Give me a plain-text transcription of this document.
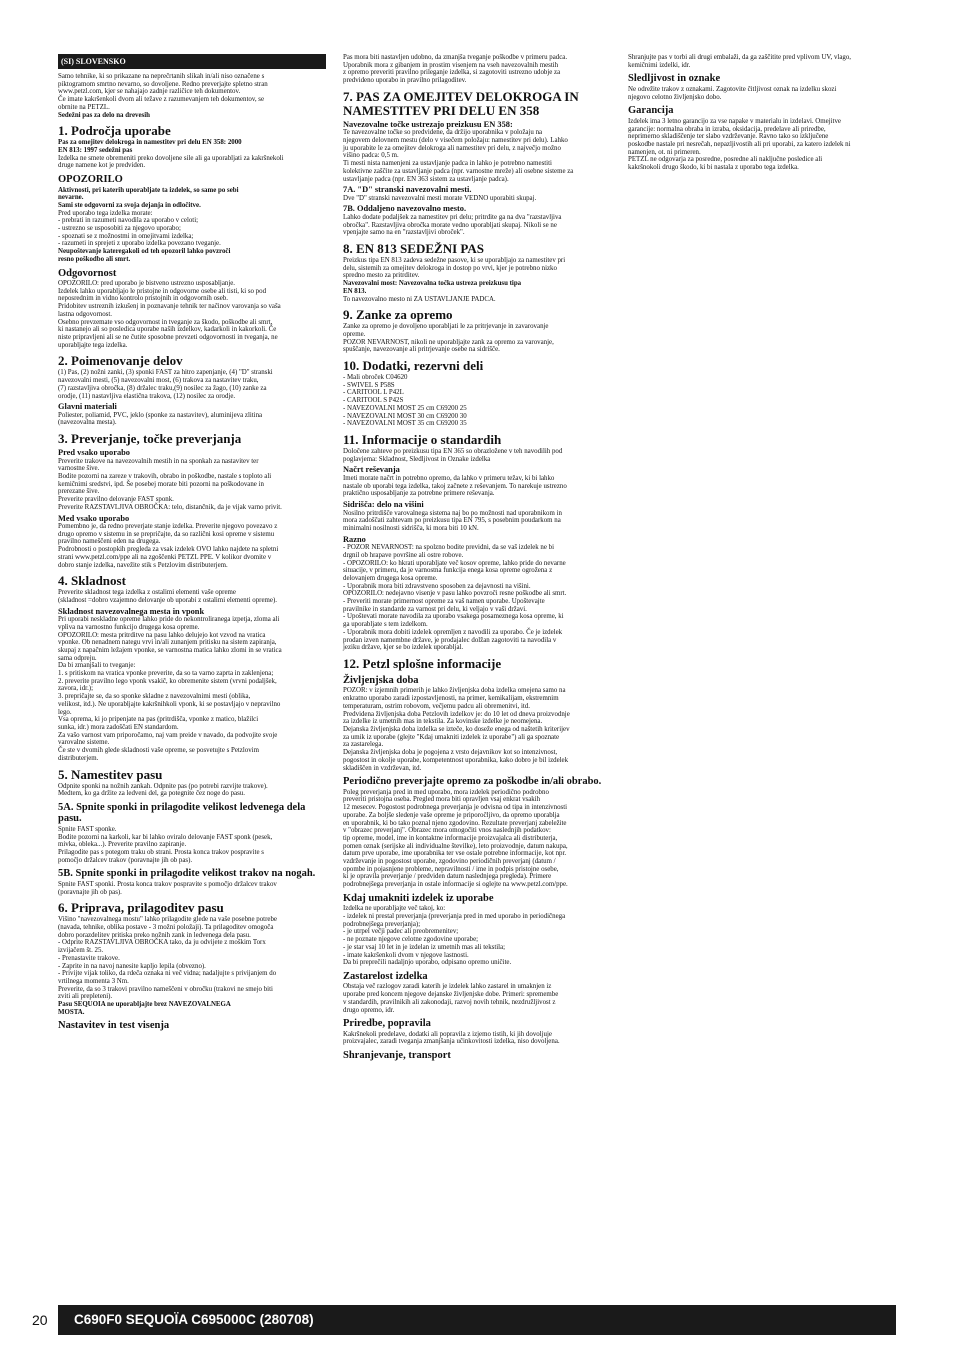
(SI) SLOVENSKO

Samo tehnike, ki so prikazane na neprečrtanih slikah in/ali niso označene s
piktogramom smrtno nevarno, so dovoljene. Redno preverjajte spletno stran
www.petzl.com, kjer se nahajajo zadnje različice teh dokumentov.
Če imate kakršenkoli dvom ali težave z razumevanjem teh dokumentov, se
obrnite na PETZL.

Sedežni pas za delo na drevesih

1. Področja uporabe

Pas za omejitev delokroga in namestitev pri delu EN 358: 2000
EN 813: 1997 sedežni pas

Izdelka ne smete obremeniti preko dovoljene sile ali ga uporabljati za kakršnekoli
druge namene kot je predviden.

OPOZORILO

Aktivnosti, pri katerih uporabljate ta izdelek, so same po sebi
nevarne.
Sami ste odgovorni za svoja dejanja in odločitve.

Pred uporabo tega izdelka morate:
- prebrati in razumeti navodila za uporabo v celoti;
- ustrezno se usposobiti za njegovo uporabo;
- spoznati se z možnostmi in omejitvami izdelka;
- razumeti in sprejeti z uporabo izdelka povezano tveganje.

Neupoštevanje kateregakoli od teh opozoril lahko povzroči
resno poškodbo ali smrt.

Odgovornost

OPOZORILO: pred uporabo je bistveno ustrezno usposabljanje.
Izdelek lahko uporabljajo le pristojne in odgovorne osebe ali tisti, ki so pod
neposrednim in vidno kontrolo pristojnih in odgovornih oseb.
Pridobitev ustreznih izkušenj in poznavanje tehnik ter načinov varovanja so vaša
lastna odgovornost.
Osebno prevzemate vso odgovornost in tveganje za škodo, poškodbe ali smrt,
ki nastanejo ali so posledica uporabe naših izdelkov, kadarkoli in kakorkoli. Če
niste pripravljeni ali se ne čutite sposobne prevzeti odgovornosti in tveganja, ne
uporabljajte tega izdelka.

2. Poimenovanje delov

(1) Pas, (2) nožni zanki, (3) sponki FAST za hitro zapenjanje, (4) "D" stranski
navezovalni mesti, (5) navezovalni most, (6) trakova za nastavitev traku,
(7) razstavljiva obročka, (8) držalec traku,(9) nosilec za žago, (10) zanke za
orodje, (11) nastavljiva elastična trakova, (12) nosilec za orodje.

Glavni materiali

Poliester, poliamid, PVC, jeklo (sponke za nastavitev), aluminijeva zlitina
(navezovalna mesta).

3. Preverjanje, točke preverjanja
Pred vsako uporabo

Preverite trakove na navezovalnih mestih in na sponkah za nastavitev ter
varnostne šive.
Bodite pozorni na zareze v trakovih, obrabo in poškodbe, nastale s toploto ali
kemičnimi sredstvi, ipd. Še posebej morate biti pozorni na poškodovane in
prerezane šive.
Preverite pravilno delovanje FAST sponk.
Preverite RAZSTAVLJIVA OBROČKA: telo, distančnik, da je vijak varno privit.

Med vsako uporabo

Pomembno je, da redno preverjate stanje izdelka. Preverite njegovo povezavo z
drugo opremo v sistemu in se prepričajte, da so različni kosi opreme v sistemu
pravilno nameščeni eden na drugega.
Podrobnosti o postopkih pregleda za vsak izdelek OVO lahko najdete na spletni
strani www.petzl.com/ppe ali na zgoščenki PETZL PPE. V kolikor dvomite v
dobro stanje izdelka, navežite stik s Petzlovim distributerjem.

4. Skladnost

Preverite skladnost tega izdelka z ostalimi elementi vaše opreme
(skladnost =dobro vzajemno delovanje ob uporabi z ostalimi elementi opreme).

Skladnost navezovalnega mesta in vponk

Pri uporabi neskladne opreme lahko pride do nekontroliranega izpetja, zloma ali
vpliva na varnostno funkcijo drugega kosa opreme.
OPOZORILO: mesta pritrditve na pasu lahko delujejo kot vzvod na vratica
vponke. Ob nenadnem nategu vrvi in/ali zunanjem pritisku na sistem zapiranja,
skupaj z napačnim ležajem vponke, se varnostna matica lahko zlomi in se vratica
sama odpreju.
Da bi zmanjšali to tveganje:
1. s pritiskom na vratica vponke preverite, da so ta varno zaprta in zaklenjena;
2. preverite pravilno lego vponk vsakič, ko obremenite sistem (vrvni podaljšek,
zavora, idr.);
3. prepričajte se, da so sponke skladne z navezovalnimi mesti (oblika,
velikost, itd.). Ne uporabljajte kakršnihkoli vponk, ki se postavljajo v nepravilno
lego.
Vsa oprema, ki jo pripenjate na pas (pritrdišča, vponke z matico, blažilci
sunka, idr.) mora zadoščati EN standardom.
Za vašo varnost vam priporočamo, naj vam preide v navado, da podvojite svoje
varovalne sisteme.
Če ste v dvomih glede skladnosti vaše opreme, se posvetujte s Petzlovim
distributerjem.

5. Namestitev pasu

Odpnite sponki na nožnih zankah. Odpnite pas (po potrebi razvijte trakove).
Medtem, ko ga držite za ledveni del, ga potegnite čez noge do pasu.

5A. Spnite sponki in prilagodite velikost ledvenega dela pasu.

Spnite FAST sponke.
Bodite pozorni na karkoli, kar bi lahko oviralo delovanje FAST sponk (pesek,
mivka, obleka...). Preverite pravilno zapiranje.
Prilagodite pas s potegom traku ob strani. Prosta konca trakov pospravite s
pomočjo držalcev trakov (poravnajte jih ob pas).

5B. Spnite sponki in prilagodite velikost trakov na nogah.

Spnite FAST sponki. Prosta konca trakov pospravite s pomočjo držalcev trakov
(poravnajte jih ob pas).

6. Priprava, prilagoditev pasu

Višino "navezovalnega mostu" lahko prilagodite glede na vaše posebne potrebe
(navada, tehnike, oblika postave - 3 možni položaji). Ta prilagoditev omogoča
dobro porazdelitev pritiska preko nožnih zank in ledvenega dela pasu.
- Odprite RAZSTAVLJIVA OBROČKA tako, da ju odvijete z moškim Torx
izvijačem št. 25.
- Prenastavite trakove.
- Zaprite in na navoj nanesite kapljo lepila (obvezno).
- Privijte vijak toliko, da rdeča oznaka ni več vidna; nadaljujte s privijanjem do
vrtilnega momenta 3 Nm.
Preverite, da so 3 trakovi pravilno nameščeni v obročku (trakovi ne smejo biti
zviti ali prepleteni).

Pasu SEQUOIA ne uporabljajte brez NAVEZOVALNEGA
MOSTA.

Nastavitev in test visenja

Pas mora biti nastavljen udobno, da zmanjša tveganje poškodbe v primeru padca.
Uporabnik mora z gibanjem in prostim visenjem na vseh navezovalnih mestih
z opremo preveriti pravilno prileganje izdelka, si zagotoviti ustrezno udobje za
predvideno uporabo in pravilno prilagoditev.

7. PAS ZA OMEJITEV DELOKROGA IN NAMESTITEV PRI DELU EN 358
Navezovalne točke ustrezajo preizkusu EN 358:

Te navezovalne točke so predvidene, da držijo uporabnika v položaju na
njegovem delovnem mestu (delo v visečem položaju: namestitev pri delu). Lahko
ju uporabite le za omejitev delokroga ali namestitev pri delu, z največjo možno
višino padca: 0,5 m.
Ti mesti nista namenjeni za ustavljanje padca in lahko je potrebno namestiti
kolektivne zaščite za ustavljanje padca (npr. varnostne mreže) ali osebne sisteme za
ustavljanje padca (npr. EN 363 sistem za ustavljanje padca).

7A. "D" stranski navezovalni mesti.

Dve "D" stranski navezovalni mesti morate VEDNO uporabiti skupaj.

7B. Oddaljeno navezovalno mesto.

Lahko dodate podaljšek za namestitev pri delu; pritrdite ga na dva "razstavljiva
obročka". Razstavljiva obročka morate vedno uporabljati skupaj. Nikoli se ne
vpenjajte samo na en "razstavljivi obroček".

8. EN 813 SEDEŽNI PAS

Preizkus tipa EN 813 zadeva sedežne pasove, ki se uporabljajo za namestitev pri
delu, sistemih za omejitev delokroga in dostop po vrvi, kjer je potrebno nizko
spredno mesto za pritrditev.

Navezovalni most: Navezovalna točka ustreza preizkusu tipa
EN 813.

To navezovalno mesto ni ZA USTAVLJANJE PADCA.

9. Zanke za opremo

Zanke za opremo je dovoljeno uporabljati le za pritrjevanje in zavarovanje
opreme.
POZOR NEVARNOST, nikoli ne uporabljajte zank za opremo za varovanje,
spuščanje, navezovanje ali pritrjevanje osebe na sidrišče.

10. Dodatki, rezervni deli

- Mali obroček C04620
- SWIVEL S P58S
- CARITOOL L P42L
- CARITOOL S P42S
- NAVEZOVALNI MOST 25 cm C69200 25
- NAVEZOVALNI MOST 30 cm C69200 30
- NAVEZOVALNI MOST 35 cm C69200 35

11. Informacije o standardih

Določene zahteve po preizkusu tipa EN 365 so obrazložene v teh navodilih pod
poglavjema: Skladnost, Sledljivost in Oznake izdelka

Načrt reševanja

Imeti morate načrt in potrebno opremo, da lahko v primeru težav, ki bi lahko
nastale ob uporabi tega izdelka, takoj začnete z reševanjem. To narekuje ustrezno
praktično usposabljanje za potrebne primere reševanja.

Sidrišča: delo na višini

Nosilno pritrdišče varovalnega sistema naj bo po možnosti nad uporabnikom in
mora zadoščati zahtevam po preizkusu tipa EN 795, s posebnim poudarkom na
minimalni nosilnosti sidrišča, ki mora biti 10 kN.

Razno

- POZOR NEVARNOST: na spolzno bodite previdni, da se vaš izdelek ne bi
drgnil ob hrapave površine ali ostre robove.
- OPOZORILO: ko hkrati uporabljate več kosov opreme, lahko pride do nevarne
situacije, v primeru, da je varnostna funkcija enega kosa opreme ogrožena z
delovanjem drugega kosa opreme.
- Uporabnik mora biti zdravstveno sposoben za dejavnosti na višini.
OPOZORILO: nedejavno visenje v pasu lahko povzroči resne poškodbe ali smrt.
- Preveriti morate primernost opreme za vaš namen uporabe. Upoštevajte
pravilnike in standarde za varnost pri delu, ki veljajo v vaši državi.
- Upoštevati morate navodila za uporabo vsakega posameznega kosa opreme, ki
ga uporabljate s tem izdelkom.
- Uporabnik mora dobiti izdelek opremljen z navodili za uporabo. Če je izdelek
prodan izven namembne države, je prodajalec dolžan zagotoviti ta navodila v
jeziku države, kjer se bo izdelek uporabljal.

12. Petzl splošne informacije
Življenjska doba

POZOR: v izjemnih primerih je lahko življenjska doba izdelka omejena samo na
enkratno uporabo zaradi izpostavljenosti, na primer, kemikalijam, ekstremnim
temperaturam, ostrim robovom, večjemu padcu ali obremenitvi, itd.

Predvidena življenjska doba Petzlovih izdelkov je: do 10 let od dneva proizvodnje
za izdelke iz umetnih mas in tekstila. Za kovinske izdelke je neomejena.
Dejanska življenjska doba izdelka se izteče, ko doseže enega od naštetih kriterijev
za umik iz uporabe (glejte "Kdaj umakniti izdelek iz uporabe") ali ga spoznate
za zastarelega.
Dejanska življenjska doba je pogojena z vrsto dejavnikov kot so intenzivnost,
pogostost in okolje uporabe, kompetentnost uporabnika, kako dobro je bil izdelek
skladiščen in vzdrževan, itd.

Periodično preverjajte opremo za poškodbe in/ali obrabo.

Poleg preverjanja pred in med uporabo, mora izdelek periodično podrobno
preveriti pristojna oseba. Pregled mora biti opravljen vsaj enkrat vsakih
12 mesecev. Pogostost podrobnega preverjanja je odvisna od tipa in intenzivnosti
uporabe. Za boljše sledenje vaše opreme je priporočljivo, da opremo uporablja
en uporabnik, ki bo tako poznal njeno zgodovino. Rezultate preverjanj zabeležite
v "obrazec preverjanj". Obrazec mora omogočiti vnos naslednjih podatkov:
tip opreme, model, ime in kontaktne informacije proizvajalca ali distributerja,
pomen oznak (serijske ali individualne številke), leto proizvodnje, datum nakupa,
datum prve uporabe, ime uporabnika ter vse ostale potrebne informacije, kot npr.
vzdrževanje in pogostost uporabe, zgodovino periodičnih preverjanj (datum /
opombe in pojasnjene probleme, nepravilnosti / ime in podpis pristojne osebe,
ki je opravila preverjanje / predviden datum naslednjega pregleda). Primere
podrobnejšega preverjanja in ostale informacije si oglejte na www.petzl.com/ppe.

Kdaj umakniti izdelek iz uporabe

Izdelka ne uporabljajte več takoj, ko:
- izdelek ni prestal preverjanja (preverjanja pred in med uporabo in periodičnega
podrobnejšega preverjanja);
- je utrpel večji padec ali preobremenitev;
- ne poznate njegove celotne zgodovine uporabe;
- je star vsaj 10 let in je izdelan iz umetnih mas ali tekstila;
- imate kakršenkoli dvom v njegove lastnosti.
Da bi preprečili nadaljnjo uporabo, odpisano opremo uničite.

Zastarelost izdelka

Obstaja več razlogov zaradi katerih je izdelek lahko zastarel in umaknjen iz
uporabe pred koncem njegove dejanske življenjske dobe. Primeri: spremembe
v standardih, pravilnikih ali zakonodaji, razvoj novih tehnik, nezdružljivost z
drugo opremo, idr.

Priredbe, popravila

Kakršnekoli predelave, dodatki ali popravila z izjemo tistih, ki jih dovoljuje
proizvajalec, zaradi tveganja zmanjšanja učinkovitosti izdelka, niso dovoljena.

Shranjevanje, transport

Shranjujte pas v torbi ali drugi embalaži, da ga zaščitite pred vplivom UV, vlago,
kemičnimi izdelki, idr.

Sledljivost in oznake

Ne odrežite trakov z oznakami. Zagotovite čitljivost oznak na izdelku skozi
njegovo celotno življenjsko dobo.

Garancija

Izdelek ima 3 letno garancijo za vse napake v materialu in izdelavi. Omejitve
garancije: normalna obraba in izraba, oksidacija, predelave ali priredbe,
neprimerno skladiščenje ter slabo vzdrževanje. Ravno tako so izključene
poskodbe nastale pri nesrečah, nepazljivostih ali pri uporabi, za katero izdelek ni
namenjen, ot. ni primeren.
PETZL ne odgovarja za posredne, posredne ali naključne posledice ali
kakršnokoli drugo škodo, ki bi nastala z uporabo tega izdelka.

20 C690F0 SEQUOÏA C695000C (280708)
